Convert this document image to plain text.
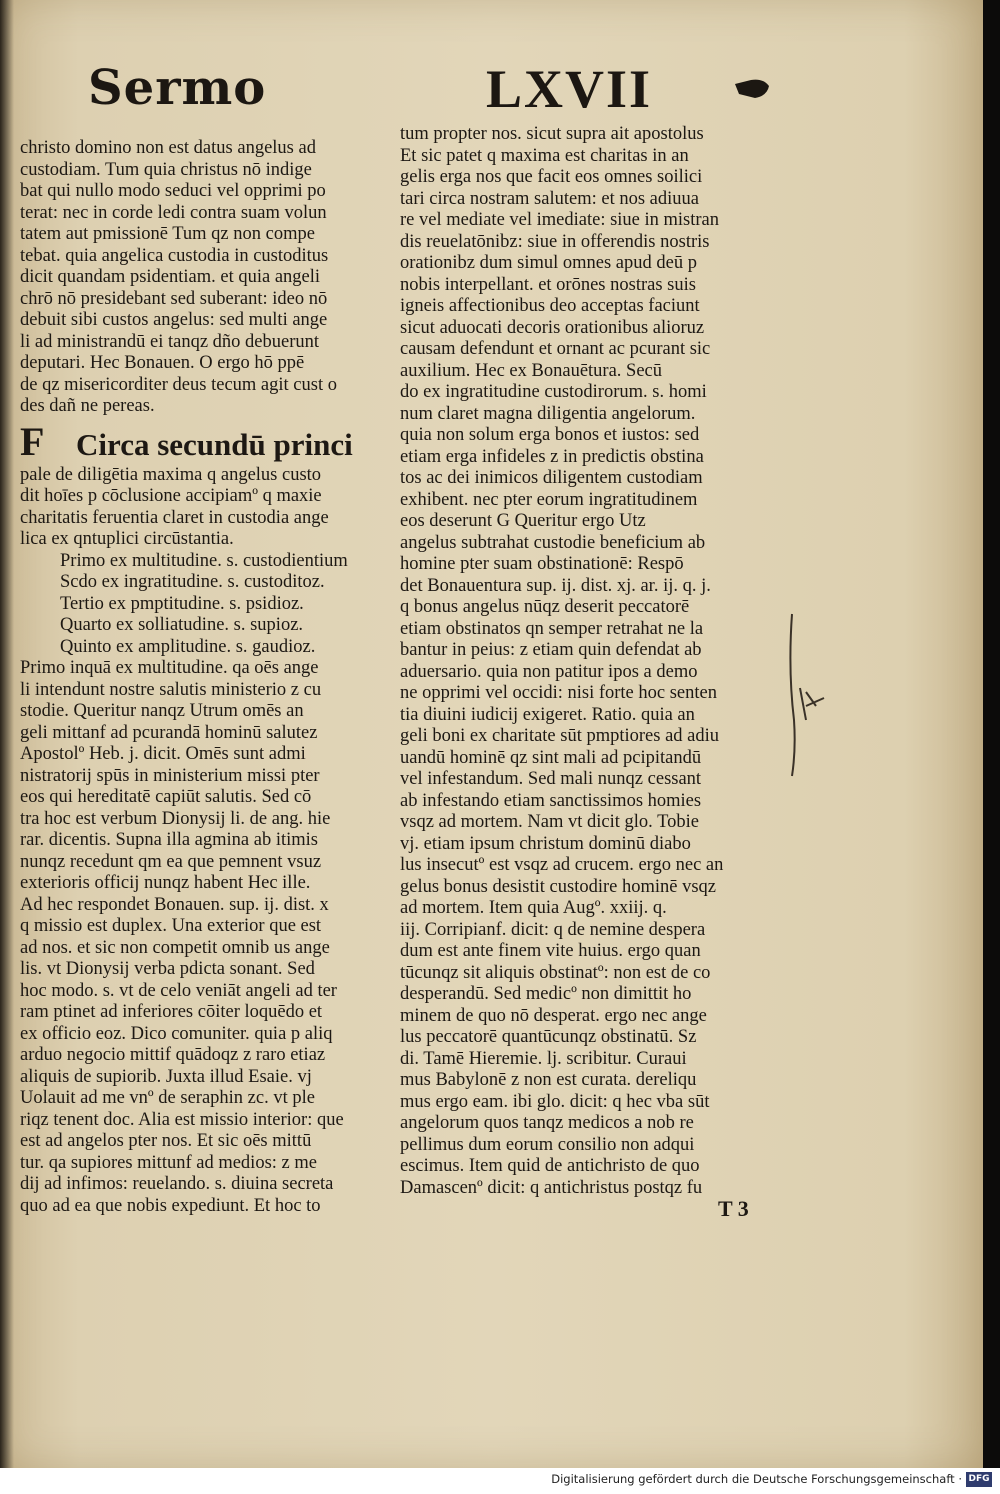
Sermo	LXVII
christo domino non est datus angelus ad
custodiam. Tum quia christus nō indige
bat qui nullo modo seduci vel opprimi po
terat: nec in corde ledi contra suam volun
tatem aut pmissionē Tum qz non compe
tebat. quia angelica custodia in custoditus
dicit quandam psidentiam. et quia angeli
chrō nō presidebant sed suberant: ideo nō
debuit sibi custos angelus: sed multi ange
li ad ministrandū ei tanqz dño debuerunt
deputari. Hec Bonauen. O ergo hō ppē
de qz misericorditer deus tecum agit cust o
des dañ ne pereas.
F Circa secundū princi
pale de diligētia maxima q angelus custo
dit hoīes p cōclusione accipiamº q maxie
charitatis feruentia claret in custodia ange
lica ex qntuplici circūstantia.
Primo ex multitudine. s. custodientium
Scdo ex ingratitudine. s. custoditoz.
Tertio ex pmptitudine. s. psidioz.
Quarto ex solliatudine. s. supioz.
Quinto ex amplitudine. s. gaudioz.
Primo inquā ex multitudine. qa oēs ange
li intendunt nostre salutis ministerio z cu
stodie. Queritur nanqz Utrum omēs an
geli mittanf ad pcurandā hominū salutez
Apostolº Heb. j. dicit. Omēs sunt admi
nistratorij spūs in ministerium missi pter
eos qui hereditatē capiūt salutis. Sed cō
tra hoc est verbum Dionysij li. de ang. hie
rar. dicentis. Supna illa agmina ab itimis
nunqz recedunt qm ea que pemnent vsuz
exterioris officij nunqz habent Hec ille.
Ad hec respondet Bonauen. sup. ij. dist. x
q missio est duplex. Una exterior que est
ad nos. et sic non competit omnib us ange
lis. vt Dionysij verba pdicta sonant. Sed
hoc modo. s. vt de celo veniāt angeli ad ter
ram ptinet ad inferiores cōiter loquēdo et
ex officio eoz. Dico comuniter. quia p aliq
arduo negocio mittif quādoqz z raro etiaz
aliquis de supiorib. Juxta illud Esaie. vj
Uolauit ad me vnº de seraphin zc. vt ple
riqz tenent doc. Alia est missio interior: que
est ad angelos pter nos. Et sic oēs mittū
tur. qa supiores mittunf ad medios: z me
dij ad infimos: reuelando. s. diuina secreta
quo ad ea que nobis expediunt. Et hoc to
tum propter nos. sicut supra ait apostolus
Et sic patet q maxima est charitas in an
gelis erga nos que facit eos omnes soilici
tari circa nostram salutem: et nos adiuua
re vel mediate vel imediate: siue in mistran
dis reuelatōnibz: siue in offerendis nostris
orationibz dum simul omnes apud deū p
nobis interpellant. et orōnes nostras suis
igneis affectionibus deo acceptas faciunt
sicut aduocati decoris orationibus alioruz
causam defendunt et ornant ac pcurant sic
auxilium. Hec ex Bonauētura. Secū
do ex ingratitudine custodirorum. s. homi
num claret magna diligentia angelorum.
quia non solum erga bonos et iustos: sed
etiam erga infideles z in predictis obstina
tos ac dei inimicos diligentem custodiam
exhibent. nec pter eorum ingratitudinem
eos deserunt G Queritur ergo Utz
angelus subtrahat custodie beneficium ab
homine pter suam obstinationē: Respō
det Bonauentura sup. ij. dist. xj. ar. ij. q. j.
q bonus angelus nūqz deserit peccatorē
etiam obstinatos qn semper retrahat ne la
bantur in peius: z etiam quin defendat ab
aduersario. quia non patitur ipos a demo
ne opprimi vel occidi: nisi forte hoc senten
tia diuini iudicij exigeret. Ratio. quia an
geli boni ex charitate sūt pmptiores ad adiu
uandū hominē qz sint mali ad pcipitandū
vel infestandum. Sed mali nunqz cessant
ab infestando etiam sanctissimos homies
vsqz ad mortem. Nam vt dicit glo. Tobie
vj. etiam ipsum christum dominū diabo
lus insecutº est vsqz ad crucem. ergo nec an
gelus bonus desistit custodire hominē vsqz
ad mortem. Item quia Augº. xxiij. q.
iij. Corripianf. dicit: q de nemine despera
dum est ante finem vite huius. ergo quan
tūcunqz sit aliquis obstinatº: non est de co
desperandū. Sed medicº non dimittit ho
minem de quo nō desperat. ergo nec ange
lus peccatorē quantūcunqz obstinatū. Sz
di. Tamē Hieremie. lj. scribitur. Curaui
mus Babylonē z non est curata. dereliqu
mus ergo eam. ibi glo. dicit: q hec vba sūt
angelorum quos tanqz medicos a nob re
pellimus dum eorum consilio non adqui
escimus. Item quid de antichristo de quo
Damascenº dicit: q antichristus postqz fu
T 3
Digitalisierung gefördert durch die Deutsche Forschungsgemeinschaft · DFG
